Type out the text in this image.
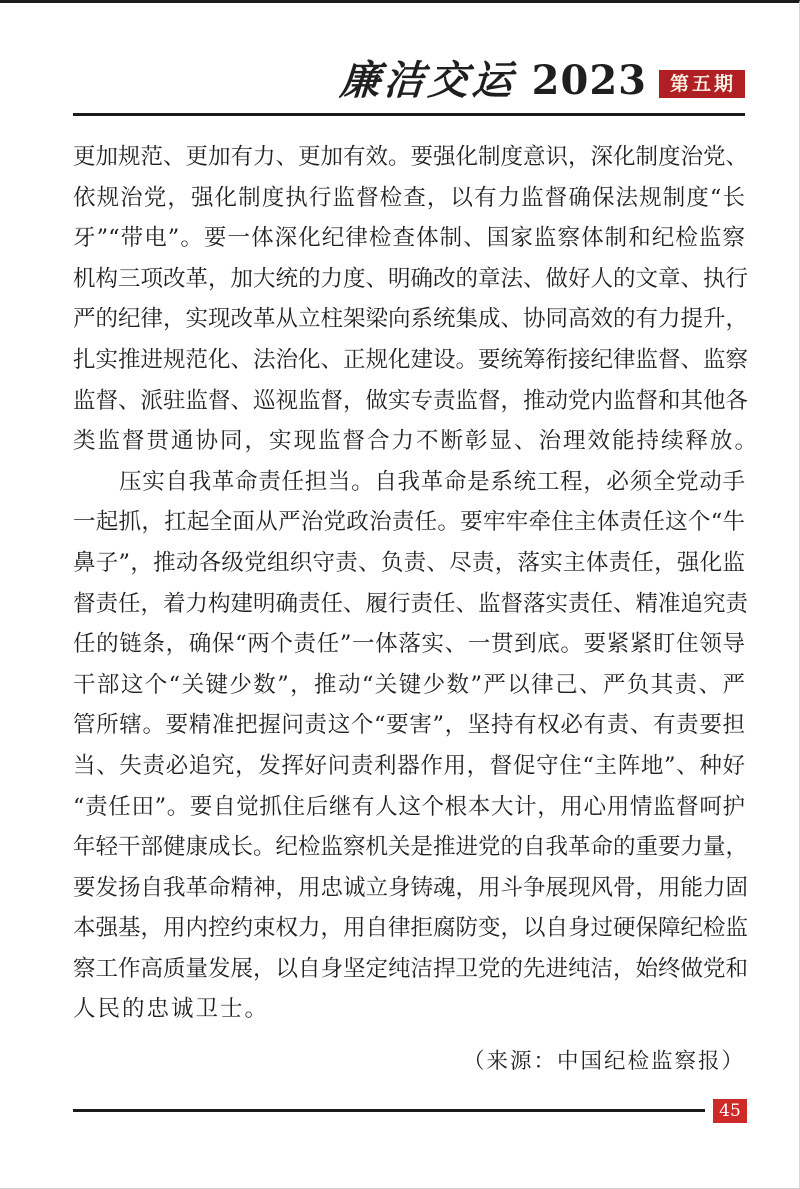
廉洁交运 2023	第五期
更加规范、更加有力、更加有效。要强化制度意识，深化制度治党、
依规治党，强化制度执行监督检查，以有力监督确保法规制度“长
牙”“带电”。要一体深化纪律检查体制、国家监察体制和纪检监察
机构三项改革，加大统的力度、明确改的章法、做好人的文章、执行
严的纪律，实现改革从立柱架梁向系统集成、协同高效的有力提升，
扎实推进规范化、法治化、正规化建设。要统筹衔接纪律监督、监察
监督、派驻监督、巡视监督，做实专责监督，推动党内监督和其他各
类监督贯通协同，实现监督合力不断彰显、治理效能持续释放。
压实自我革命责任担当。自我革命是系统工程，必须全党动手
一起抓，扛起全面从严治党政治责任。要牢牢牵住主体责任这个“牛
鼻子”，推动各级党组织守责、负责、尽责，落实主体责任，强化监
督责任，着力构建明确责任、履行责任、监督落实责任、精准追究责
任的链条，确保“两个责任”一体落实、一贯到底。要紧紧盯住领导
干部这个“关键少数”，推动“关键少数”严以律己、严负其责、严
管所辖。要精准把握问责这个“要害”，坚持有权必有责、有责要担
当、失责必追究，发挥好问责利器作用，督促守住“主阵地”、种好
“责任田”。要自觉抓住后继有人这个根本大计，用心用情监督呵护
年轻干部健康成长。纪检监察机关是推进党的自我革命的重要力量，
要发扬自我革命精神，用忠诚立身铸魂，用斗争展现风骨，用能力固
本强基，用内控约束权力，用自律拒腐防变，以自身过硬保障纪检监
察工作高质量发展，以自身坚定纯洁捍卫党的先进纯洁，始终做党和
人民的忠诚卫士。
（来源：中国纪检监察报）
45
